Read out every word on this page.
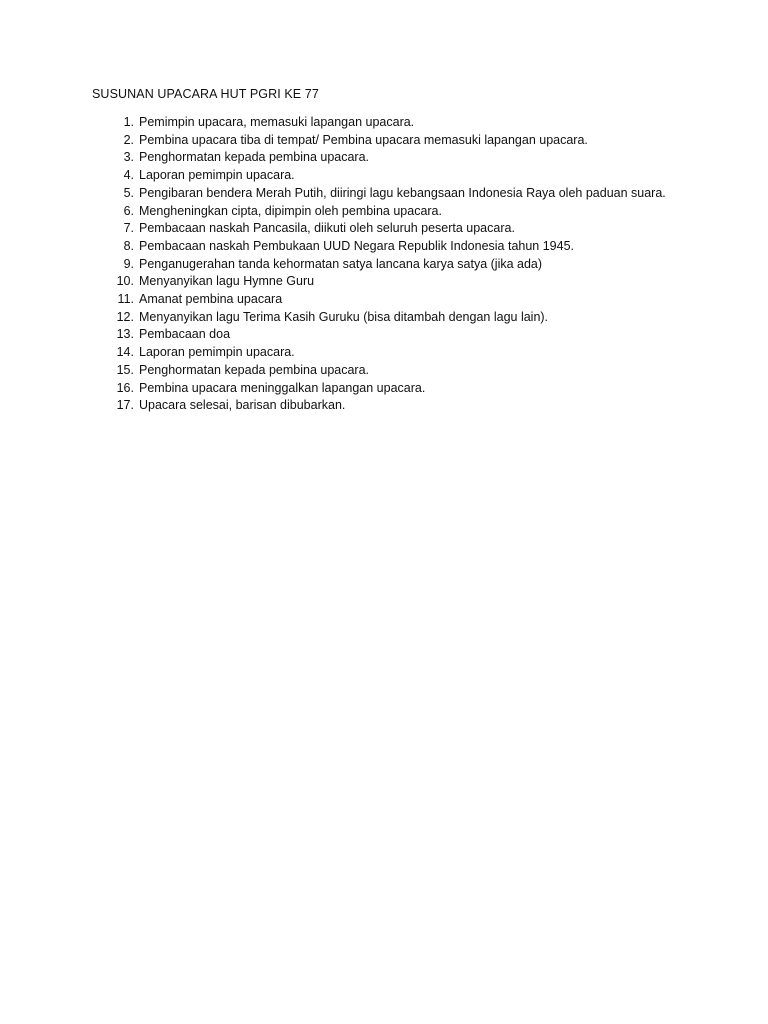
SUSUNAN UPACARA HUT PGRI KE 77
1. Pemimpin upacara, memasuki lapangan upacara.
2. Pembina upacara tiba di tempat/ Pembina upacara memasuki lapangan upacara.
3. Penghormatan kepada pembina upacara.
4. Laporan pemimpin upacara.
5. Pengibaran bendera Merah Putih, diiringi lagu kebangsaan Indonesia Raya oleh paduan suara.
6. Mengheningkan cipta, dipimpin oleh pembina upacara.
7. Pembacaan naskah Pancasila, diikuti oleh seluruh peserta upacara.
8. Pembacaan naskah Pembukaan UUD Negara Republik Indonesia tahun 1945.
9. Penganugerahan tanda kehormatan satya lancana karya satya (jika ada)
10. Menyanyikan lagu Hymne Guru
11. Amanat pembina upacara
12. Menyanyikan lagu Terima Kasih Guruku (bisa ditambah dengan lagu lain).
13. Pembacaan doa
14. Laporan pemimpin upacara.
15. Penghormatan kepada pembina upacara.
16. Pembina upacara meninggalkan lapangan upacara.
17. Upacara selesai, barisan dibubarkan.
